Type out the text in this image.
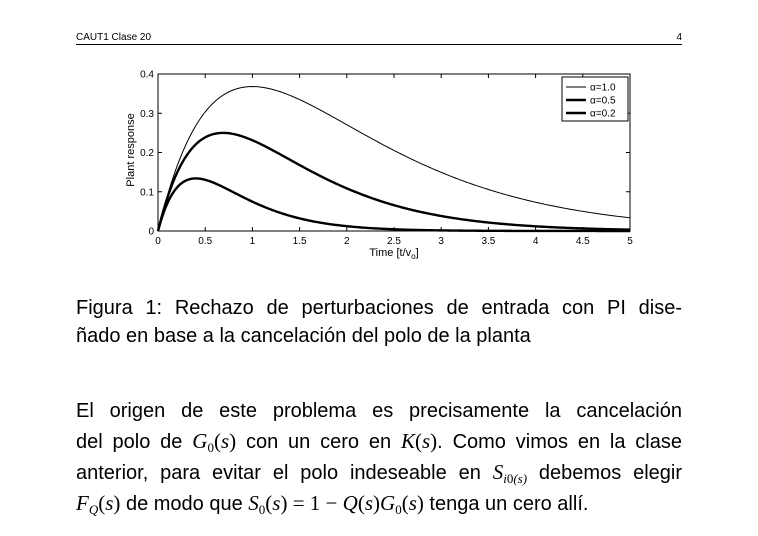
CAUT1 Clase 20	4
0	0.5	1	1.5	2	2.5	3	3.5	4	4.5	5
0
0.1
0.2
0.3
0.4
α=1.0
α=0.5
α=0.2
Plant response
Time $[t/v_o]$
Figura 1: Rechazo de perturbaciones de entrada con PI dise-
ñado en base a la cancelación del polo de la planta
El origen de este problema es precisamente la cancelación
del polo de $G_0(s)$ con un cero en K(s). Como vimos en la clase
anterior, para evitar el polo indeseable en $S_{i0(s)}$ debemos elegir
$F_Q(s)$ de modo que $S_0(s) = 1 - Q(s)G_0(s)$ tenga un cero allí.
